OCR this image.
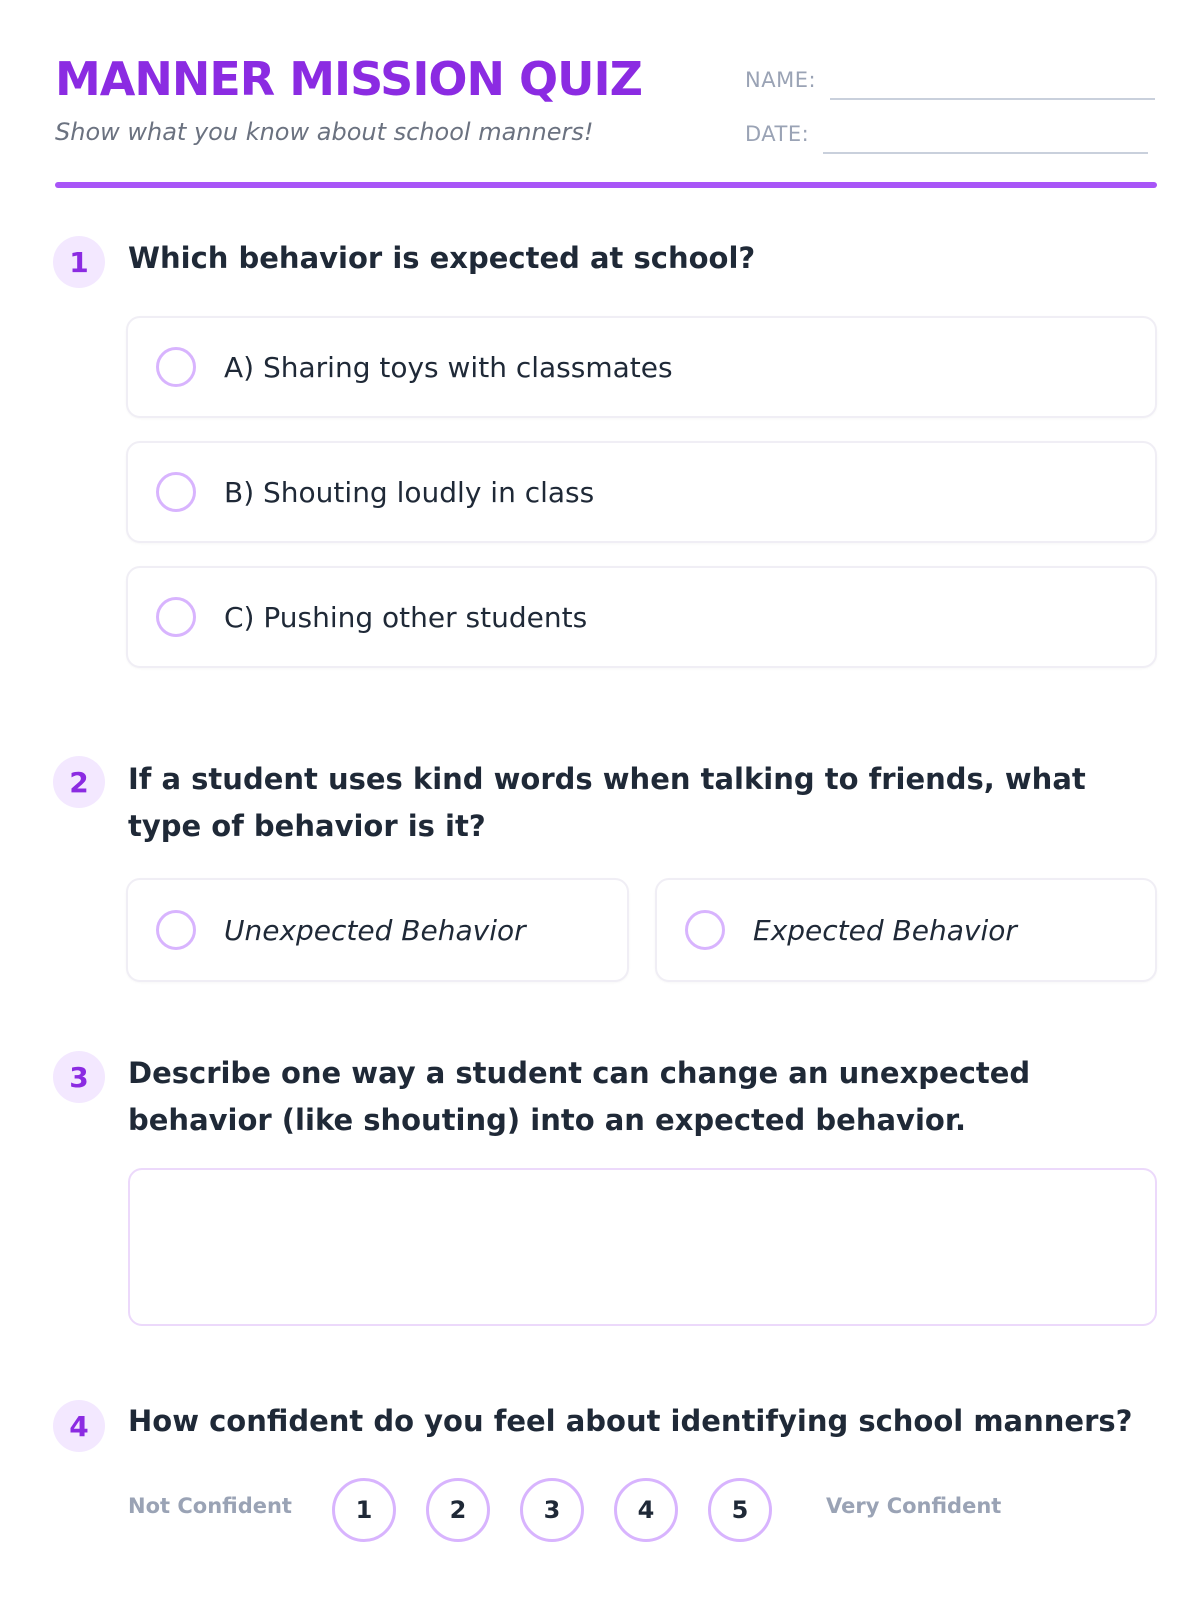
MANNER MISSION QUIZ
Show what you know about school manners!
NAME:
DATE:
1	Which behavior is expected at school?
A) Sharing toys with classmates
B) Shouting loudly in class
C) Pushing other students
2	If a student uses kind words when talking to friends, what type of behavior is it?
Unexpected Behavior	Expected Behavior
3	Describe one way a student can change an unexpected behavior (like shouting) into an expected behavior.
4	How confident do you feel about identifying school manners?
Not Confident	1	2	3	4	5	Very Confident
